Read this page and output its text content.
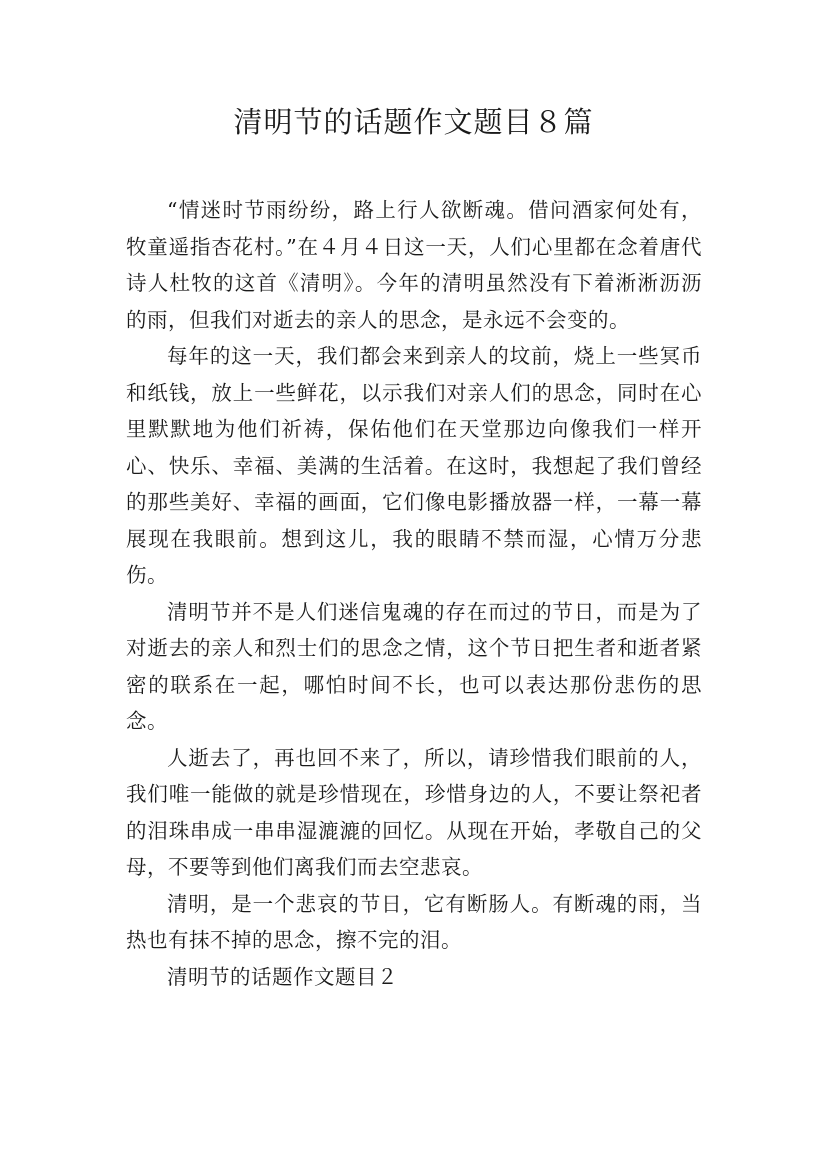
清明节的话题作文题目８篇

“情迷时节雨纷纷，路上行人欲断魂。借问酒家何处有，牧童遥指杏花村。”在４月４日这一天，人们心里都在念着唐代诗人杜牧的这首《清明》。今年的清明虽然没有下着淅淅沥沥的雨，但我们对逝去的亲人的思念，是永远不会变的。

每年的这一天，我们都会来到亲人的坟前，烧上一些冥币和纸钱，放上一些鲜花，以示我们对亲人们的思念，同时在心里默默地为他们祈祷，保佑他们在天堂那边向像我们一样开心、快乐、幸福、美满的生活着。在这时，我想起了我们曾经的那些美好、幸福的画面，它们像电影播放器一样，一幕一幕展现在我眼前。想到这儿，我的眼睛不禁而湿，心情万分悲伤。

清明节并不是人们迷信鬼魂的存在而过的节日，而是为了对逝去的亲人和烈士们的思念之情，这个节日把生者和逝者紧密的联系在一起，哪怕时间不长，也可以表达那份悲伤的思念。

人逝去了，再也回不来了，所以，请珍惜我们眼前的人，我们唯一能做的就是珍惜现在，珍惜身边的人，不要让祭祀者的泪珠串成一串串湿漉漉的回忆。从现在开始，孝敬自己的父母，不要等到他们离我们而去空悲哀。

清明，是一个悲哀的节日，它有断肠人。有断魂的雨，当热也有抹不掉的思念，擦不完的泪。

清明节的话题作文题目２
